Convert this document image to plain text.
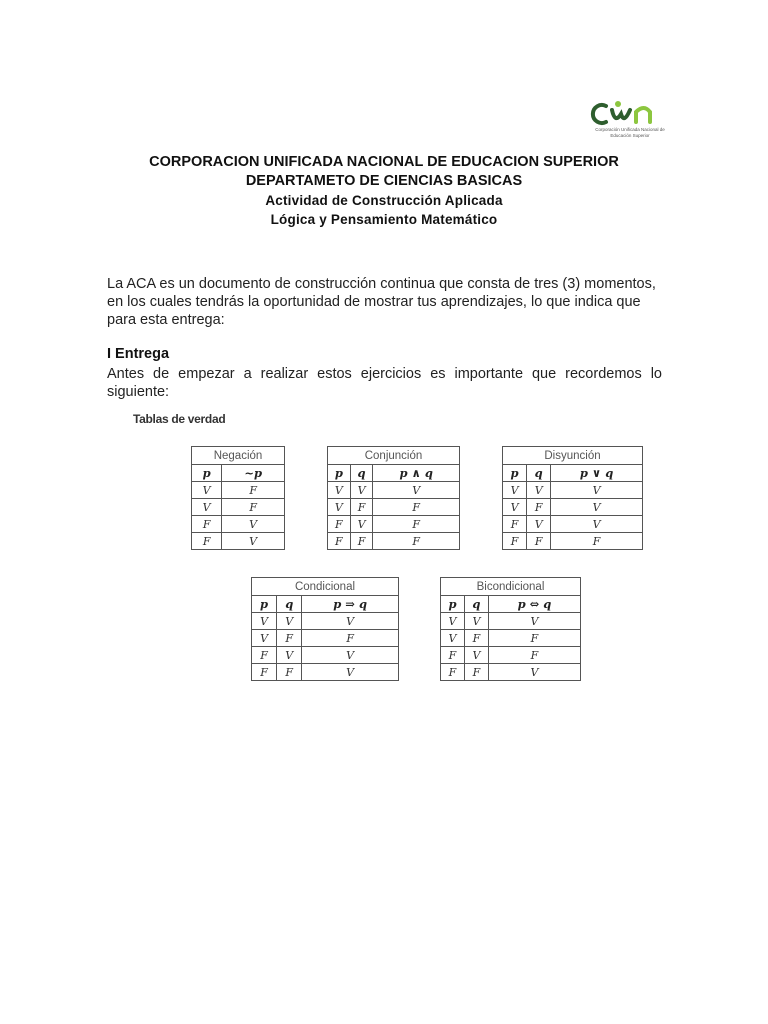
Corporación Unificada Nacional de Educación Superior
CORPORACION UNIFICADA NACIONAL DE EDUCACION SUPERIOR
DEPARTAMETO DE CIENCIAS BASICAS
Actividad de Construcción Aplicada
Lógica y Pensamiento Matemático
La ACA es un documento de construcción continua que consta de tres (3) momentos, en los cuales tendrás la oportunidad de mostrar tus aprendizajes, lo que indica que para esta entrega:
I Entrega
Antes de empezar a realizar estos ejercicios es importante que recordemos lo siguiente:
Tablas de verdad
Negación	
p	~p
V	F
V	F
F	V
F	V
Conjunción		
p	q	p ∧ q
V	V	V
V	F	F
F	V	F
F	F	F
Disyunción		
p	q	p ∨ q
V	V	V
V	F	V
F	V	V
F	F	F
Condicional		
p	q	p ⇒ q
V	V	V
V	F	F
F	V	V
F	F	V
Bicondicional		
p	q	p ⇔ q
V	V	V
V	F	F
F	V	F
F	F	V
